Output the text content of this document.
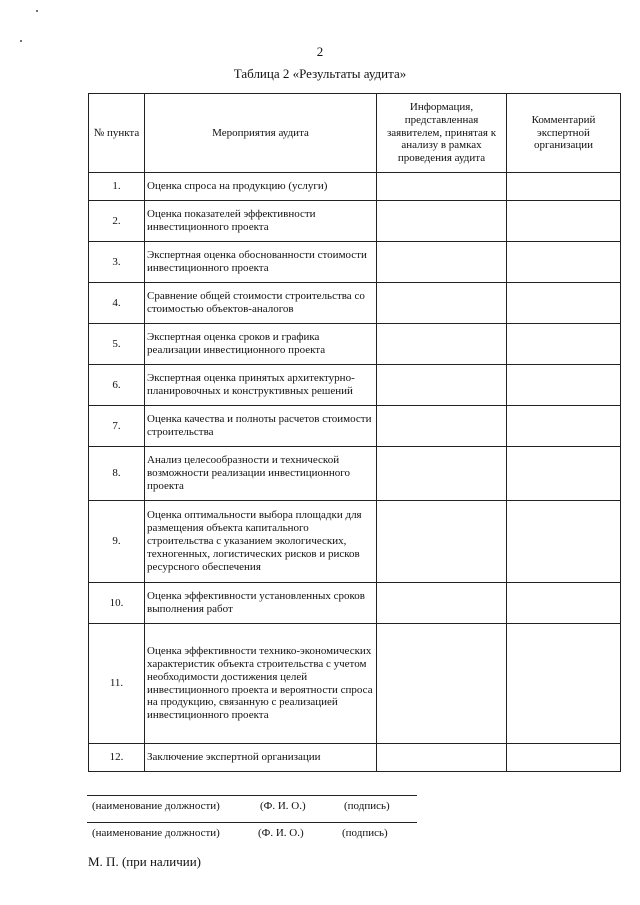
2
Таблица 2 «Результаты аудита»
№ пункта	Мероприятия аудита	Информация, представленная заявителем, принятая к анализу в рамках проведения аудита	Комментарий экспертной организации
1.	Оценка спроса на продукцию (услуги)		
2.	Оценка показателей эффективности инвестиционного проекта		
3.	Экспертная оценка обоснованности стоимости инвестиционного проекта		
4.	Сравнение общей стоимости строительства со стоимостью объектов-аналогов		
5.	Экспертная оценка сроков и графика реализации инвестиционного проекта		
6.	Экспертная оценка принятых архитектурно-планировочных и конструктивных решений		
7.	Оценка качества и полноты расчетов стоимости строительства		
8.	Анализ целесообразности и технической возможности реализации инвестиционного проекта		
9.	Оценка оптимальности выбора площадки для размещения объекта капитального строительства с указанием экологических, техногенных, логистических рисков и рисков ресурсного обеспечения		
10.	Оценка эффективности установленных сроков выполнения работ		
11.	Оценка эффективности технико-экономических характеристик объекта строительства с учетом необходимости достижения целей инвестиционного проекта и вероятности спроса на продукцию, связанную с реализацией инвестиционного проекта		
12.	Заключение экспертной организации		
(наименование должности)	(Ф. И. О.)	(подпись)
(наименование должности)	(Ф. И. О.)	(подпись)
М. П. (при наличии)
